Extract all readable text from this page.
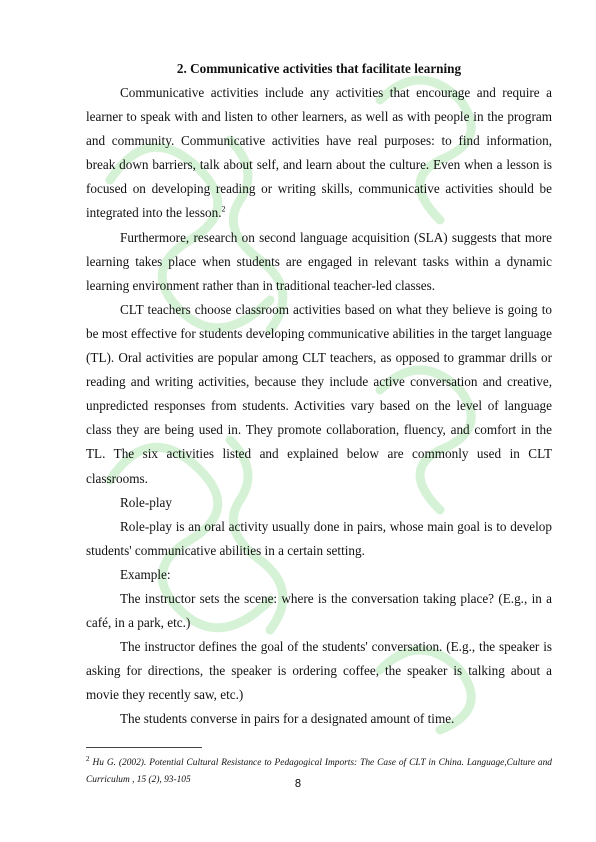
2. Communicative activities that facilitate learning

Communicative activities include any activities that encourage and require a learner to speak with and listen to other learners, as well as with people in the program and community. Communicative activities have real purposes: to find information, break down barriers, talk about self, and learn about the culture. Even when a lesson is focused on developing reading or writing skills, communicative activities should be integrated into the lesson.$^2$

Furthermore, research on second language acquisition (SLA) suggests that more learning takes place when students are engaged in relevant tasks within a dynamic learning environment rather than in traditional teacher-led classes.

CLT teachers choose classroom activities based on what they believe is going to be most effective for students developing communicative abilities in the target language (TL). Oral activities are popular among CLT teachers, as opposed to grammar drills or reading and writing activities, because they include active conversation and creative, unpredicted responses from students. Activities vary based on the level of language class they are being used in. They promote collaboration, fluency, and comfort in the TL. The six activities listed and explained below are commonly used in CLT classrooms.

Role-play

Role-play is an oral activity usually done in pairs, whose main goal is to develop students' communicative abilities in a certain setting.

Example:

The instructor sets the scene: where is the conversation taking place? (E.g., in a café, in a park, etc.)

The instructor defines the goal of the students' conversation. (E.g., the speaker is asking for directions, the speaker is ordering coffee, the speaker is talking about a movie they recently saw, etc.)

The students converse in pairs for a designated amount of time.

$^2$ Hu G. (2002). Potential Cultural Resistance to Pedagogical Imports: The Case of CLT in China. Language,Culture and Curriculum , 15 (2), 93-105	8
